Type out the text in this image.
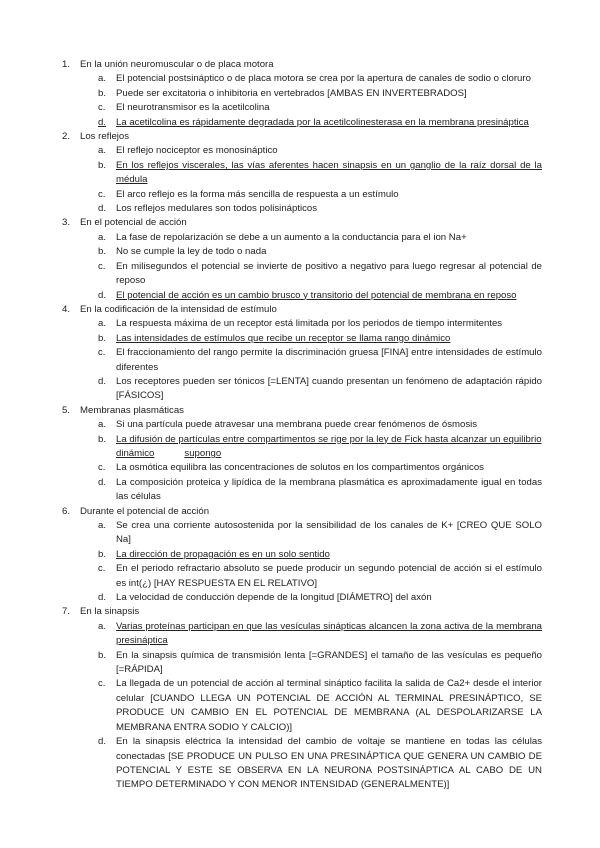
1. En la unión neuromuscular o de placa motora
a. El potencial postsináptico o de placa motora se crea por la apertura de canales de sodio o cloruro
b. Puede ser excitatoria o inhibitoria en vertebrados [AMBAS EN INVERTEBRADOS]
c. El neurotransmisor es la acetilcolina
d. La acetilcolina es rápidamente degradada por la acetilcolinesterasa en la membrana presináptica
2. Los reflejos
a. El reflejo nociceptor es monosináptico
b. En los reflejos viscerales, las vías aferentes hacen sinapsis en un ganglio de la raíz dorsal de la médula
c. El arco reflejo es la forma más sencilla de respuesta a un estímulo
d. Los reflejos medulares son todos polisinápticos
3. En el potencial de acción
a. La fase de repolarización se debe a un aumento a la conductancia para el ion Na+
b. No se cumple la ley de todo o nada
c. En milisegundos el potencial se invierte de positivo a negativo para luego regresar al potencial de reposo
d. El potencial de acción es un cambio brusco y transitorio del potencial de membrana en reposo
4. En la codificación de la intensidad de estímulo
a. La respuesta máxima de un receptor está limitada por los periodos de tiempo intermitentes
b. Las intensidades de estímulos que recibe un receptor se llama rango dinámico
c. El fraccionamiento del rango permite la discriminación gruesa [FINA] entre intensidades de estímulo diferentes
d. Los receptores pueden ser tónicos [=LENTA] cuando presentan un fenómeno de adaptación rápido [FÁSICOS]
5. Membranas plasmáticas
a. Si una partícula puede atravesar una membrana puede crear fenómenos de ósmosis
b. La difusión de partículas entre compartimentos se rige por la ley de Fick hasta alcanzar un equilibrio dinámico	supongo
c. La osmótica equilibra las concentraciones de solutos en los compartimentos orgánicos
d. La composición proteica y lipídica de la membrana plasmática es aproximadamente igual en todas las células
6. Durante el potencial de acción
a. Se crea una corriente autosostenida por la sensibilidad de los canales de K+ [CREO QUE SOLO Na]
b. La dirección de propagación es en un solo sentido
c. En el periodo refractario absoluto se puede producir un segundo potencial de acción si el estímulo es int(¿) [HAY RESPUESTA EN EL RELATIVO]
d. La velocidad de conducción depende de la longitud [DIÁMETRO] del axón
7. En la sinapsis
a. Varias proteínas participan en que las vesículas sinápticas alcancen la zona activa de la membrana presináptica
b. En la sinapsis química de transmisión lenta [=GRANDES] el tamaño de las vesículas es pequeño [=RÁPIDA]
c. La llegada de un potencial de acción al terminal sináptico facilita la salida de Ca2+ desde el interior celular [CUANDO LLEGA UN POTENCIAL DE ACCIÓN AL TERMINAL PRESINÁPTICO, SE PRODUCE UN CAMBIO EN EL POTENCIAL DE MEMBRANA (AL DESPOLARIZARSE LA MEMBRANA ENTRA SODIO Y CALCIO)]
d. En la sinapsis eléctrica la intensidad del cambio de voltaje se mantiene en todas las células conectadas [SE PRODUCE UN PULSO EN UNA PRESINÁPTICA QUE GENERA UN CAMBIO DE POTENCIAL Y ESTE SE OBSERVA EN LA NEURONA POSTSINÁPTICA AL CABO DE UN TIEMPO DETERMINADO Y CON MENOR INTENSIDAD (GENERALMENTE)]
